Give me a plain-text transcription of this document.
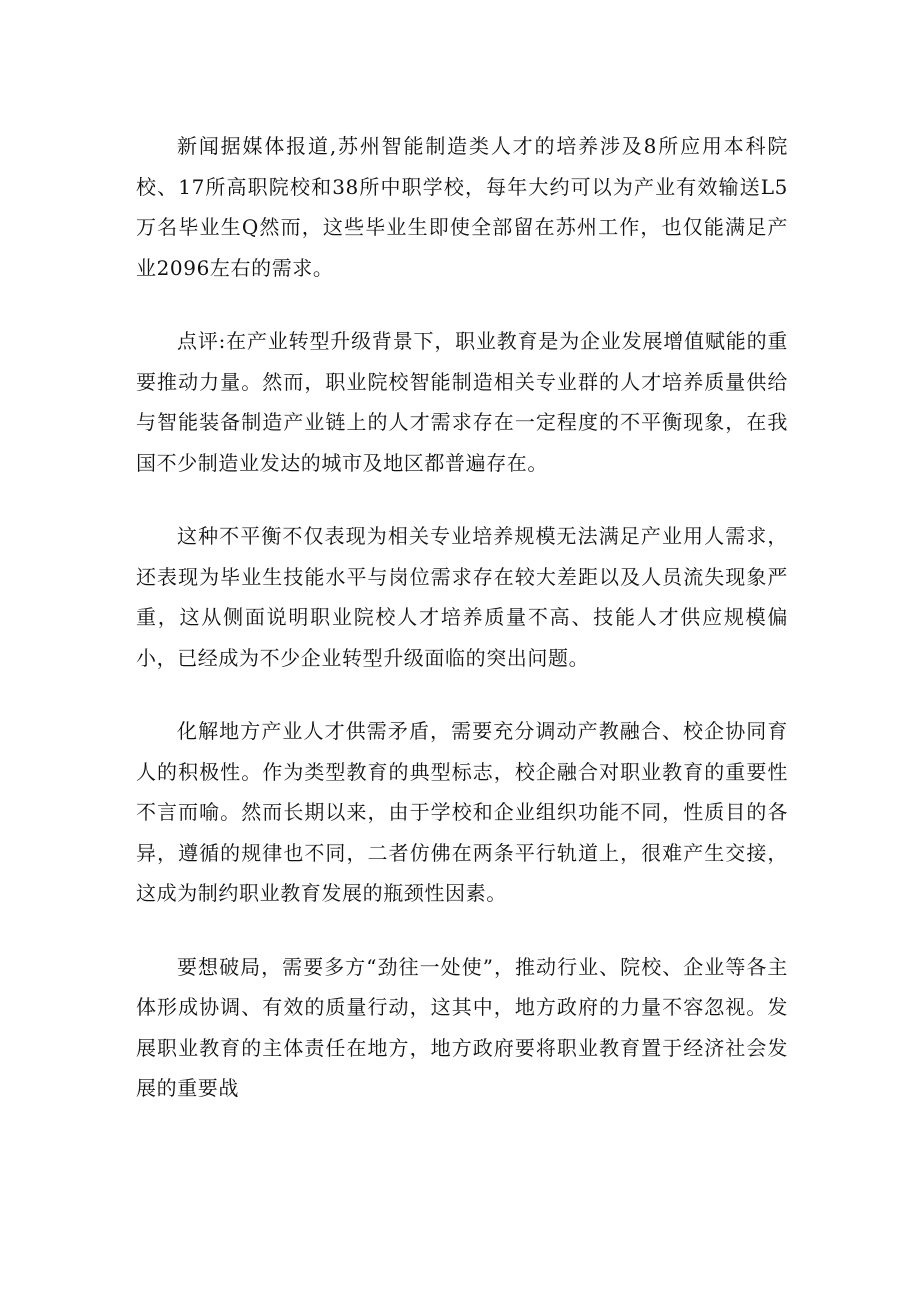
新闻据媒体报道,苏州智能制造类人才的培养涉及8所应用本科院校、17所高职院校和38所中职学校，每年大约可以为产业有效输送L5万名毕业生Q然而，这些毕业生即使全部留在苏州工作，也仅能满足产业2096左右的需求。

点评:在产业转型升级背景下，职业教育是为企业发展增值赋能的重要推动力量。然而，职业院校智能制造相关专业群的人才培养质量供给与智能装备制造产业链上的人才需求存在一定程度的不平衡现象，在我国不少制造业发达的城市及地区都普遍存在。

这种不平衡不仅表现为相关专业培养规模无法满足产业用人需求，还表现为毕业生技能水平与岗位需求存在较大差距以及人员流失现象严重，这从侧面说明职业院校人才培养质量不高、技能人才供应规模偏小，已经成为不少企业转型升级面临的突出问题。

化解地方产业人才供需矛盾，需要充分调动产教融合、校企协同育人的积极性。作为类型教育的典型标志，校企融合对职业教育的重要性不言而喻。然而长期以来，由于学校和企业组织功能不同，性质目的各异，遵循的规律也不同，二者仿佛在两条平行轨道上，很难产生交接，这成为制约职业教育发展的瓶颈性因素。

要想破局，需要多方“劲往一处使”，推动行业、院校、企业等各主体形成协调、有效的质量行动，这其中，地方政府的力量不容忽视。发展职业教育的主体责任在地方，地方政府要将职业教育置于经济社会发展的重要战
